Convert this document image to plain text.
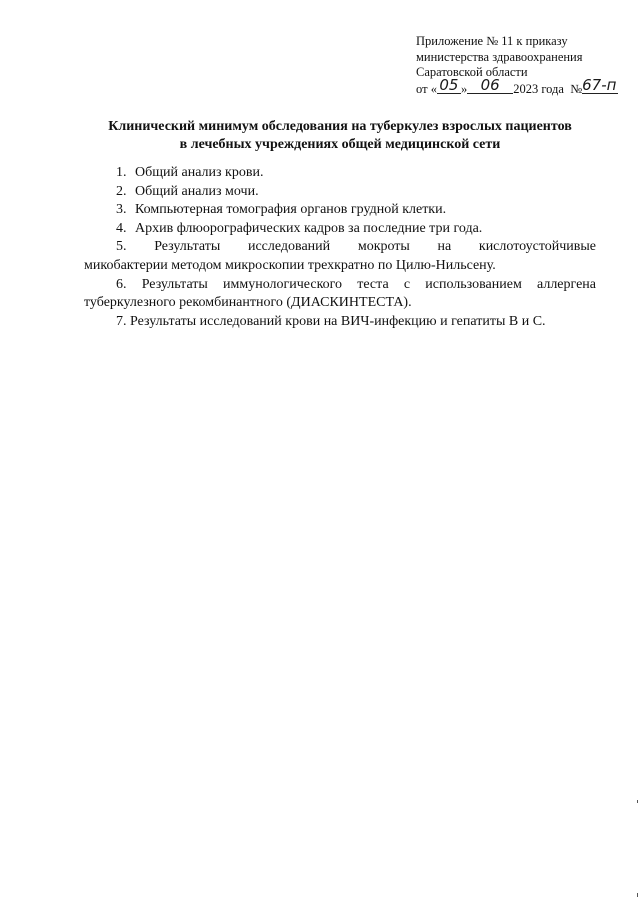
Приложение № 11 к приказу
министерства здравоохранения
Саратовской области
от « 05 » 06 2023 года №67-п
Клинический минимум обследования на туберкулез взрослых пациентов
в лечебных учреждениях общей медицинской сети
1. Общий анализ крови.
2. Общий анализ мочи.
3. Компьютерная томография органов грудной клетки.
4. Архив флюорографических кадров за последние три года.
5. Результаты исследований мокроты на кислотоустойчивые
микобактерии методом микроскопии трехкратно по Цилю-Нильсену.
6. Результаты иммунологического теста с использованием аллергена
туберкулезного рекомбинантного (ДИАСКИНТЕСТА).
7. Результаты исследований крови на ВИЧ-инфекцию и гепатиты В и С.
